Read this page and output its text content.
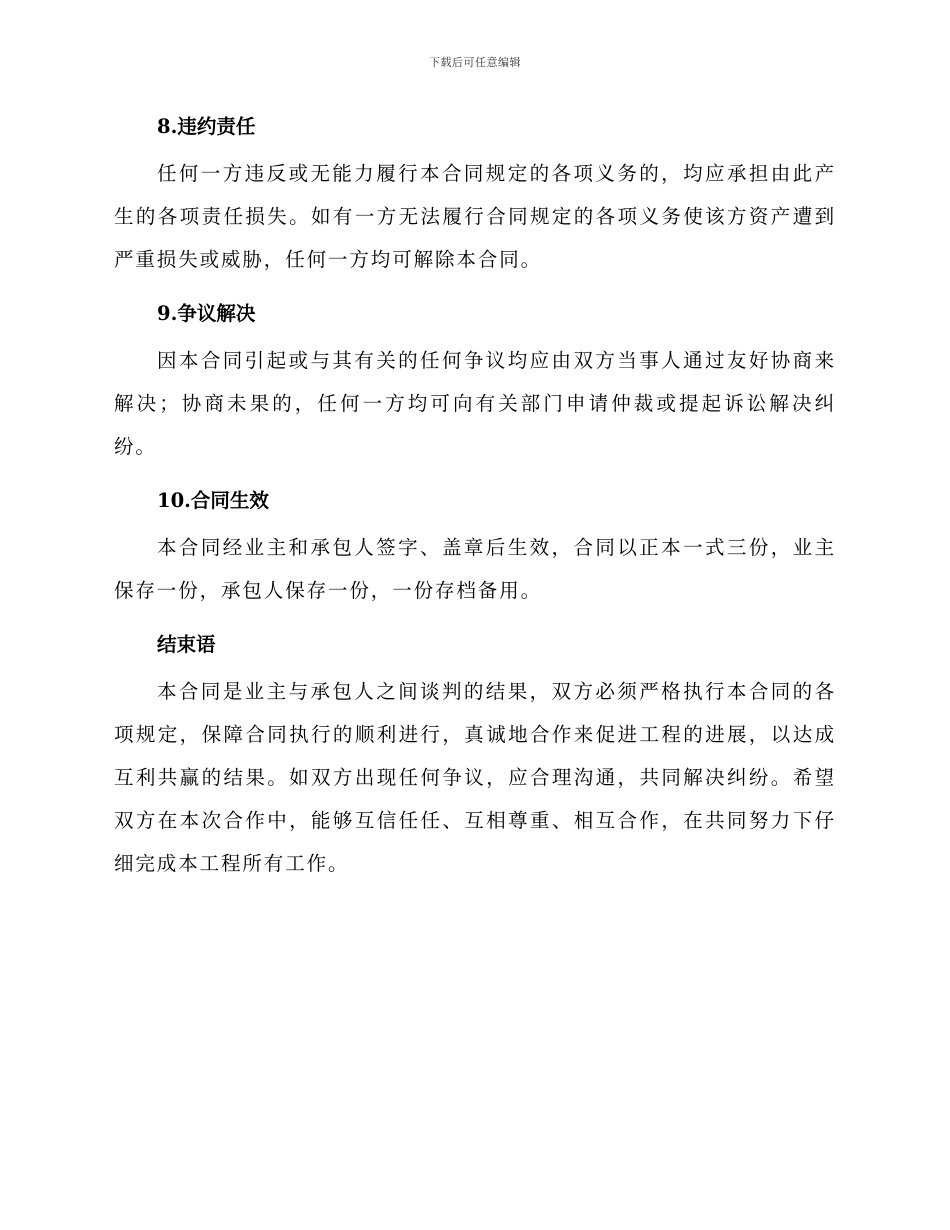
下载后可任意编辑
8.违约责任

任何一方违反或无能力履行本合同规定的各项义务的，均应承担由此产生的各项责任损失。如有一方无法履行合同规定的各项义务使该方资产遭到严重损失或威胁，任何一方均可解除本合同。

9.争议解决

因本合同引起或与其有关的任何争议均应由双方当事人通过友好协商来解决；协商未果的，任何一方均可向有关部门申请仲裁或提起诉讼解决纠纷。

10.合同生效

本合同经业主和承包人签字、盖章后生效，合同以正本一式三份，业主保存一份，承包人保存一份，一份存档备用。

结束语

本合同是业主与承包人之间谈判的结果，双方必须严格执行本合同的各项规定，保障合同执行的顺利进行，真诚地合作来促进工程的进展，以达成互利共赢的结果。如双方出现任何争议，应合理沟通，共同解决纠纷。希望双方在本次合作中，能够互信任任、互相尊重、相互合作，在共同努力下仔细完成本工程所有工作。
